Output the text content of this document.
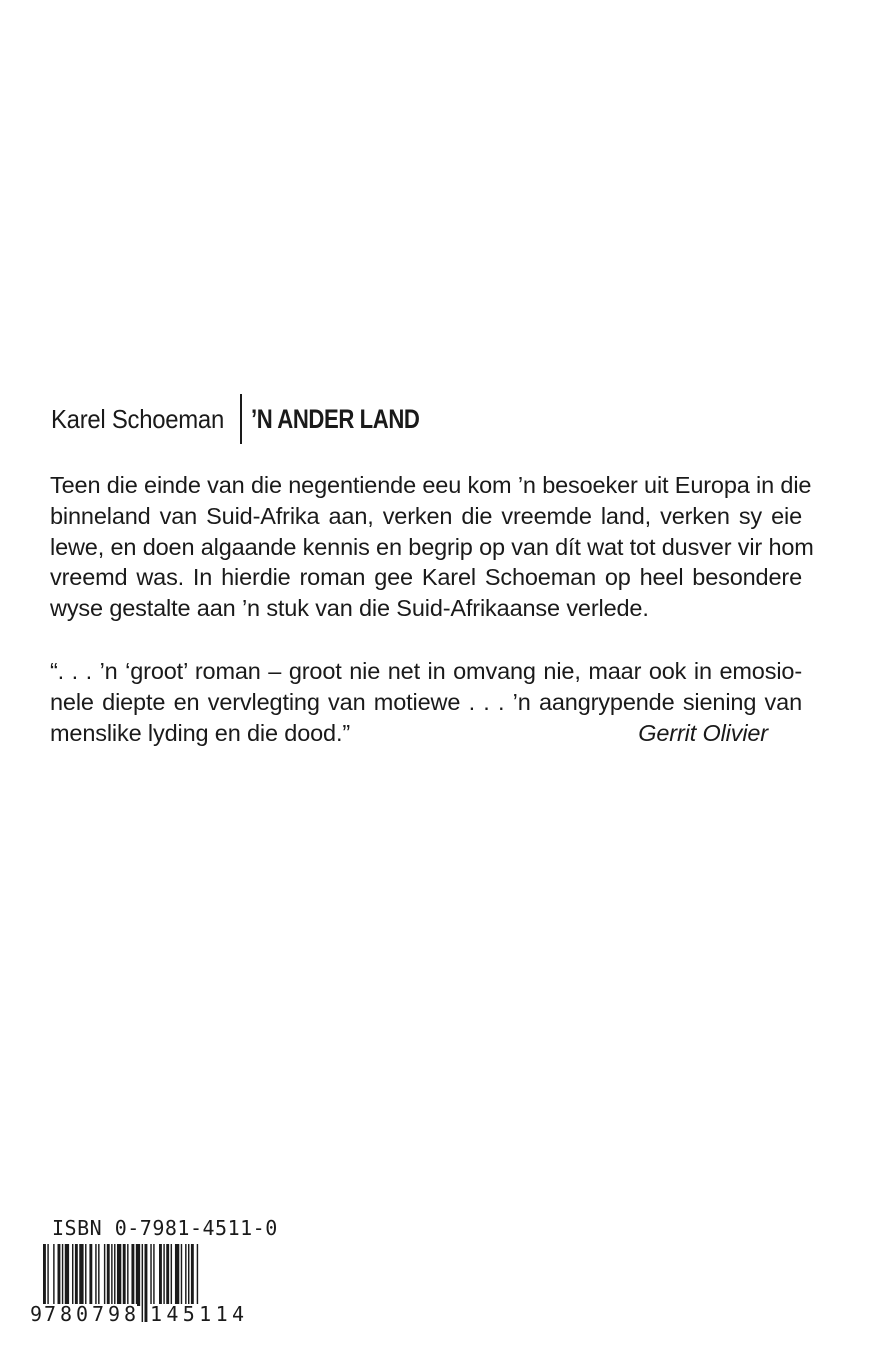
Karel Schoeman ’N ANDER LAND
Teen die einde van die negentiende eeu kom ’n besoeker uit Europa in die
binneland van Suid-Afrika aan, verken die vreemde land, verken sy eie
lewe, en doen algaande kennis en begrip op van dít wat tot dusver vir hom
vreemd was. In hierdie roman gee Karel Schoeman op heel besondere
wyse gestalte aan ’n stuk van die Suid-Afrikaanse verlede.
“. . . ’n ‘groot’ roman – groot nie net in omvang nie, maar ook in emosio-
nele diepte en vervlegting van motiewe . . . ’n aangrypende siening van
menslike lyding en die dood.”	Gerrit Olivier
ISBN 0-7981-4511-0
9 780798 145114
